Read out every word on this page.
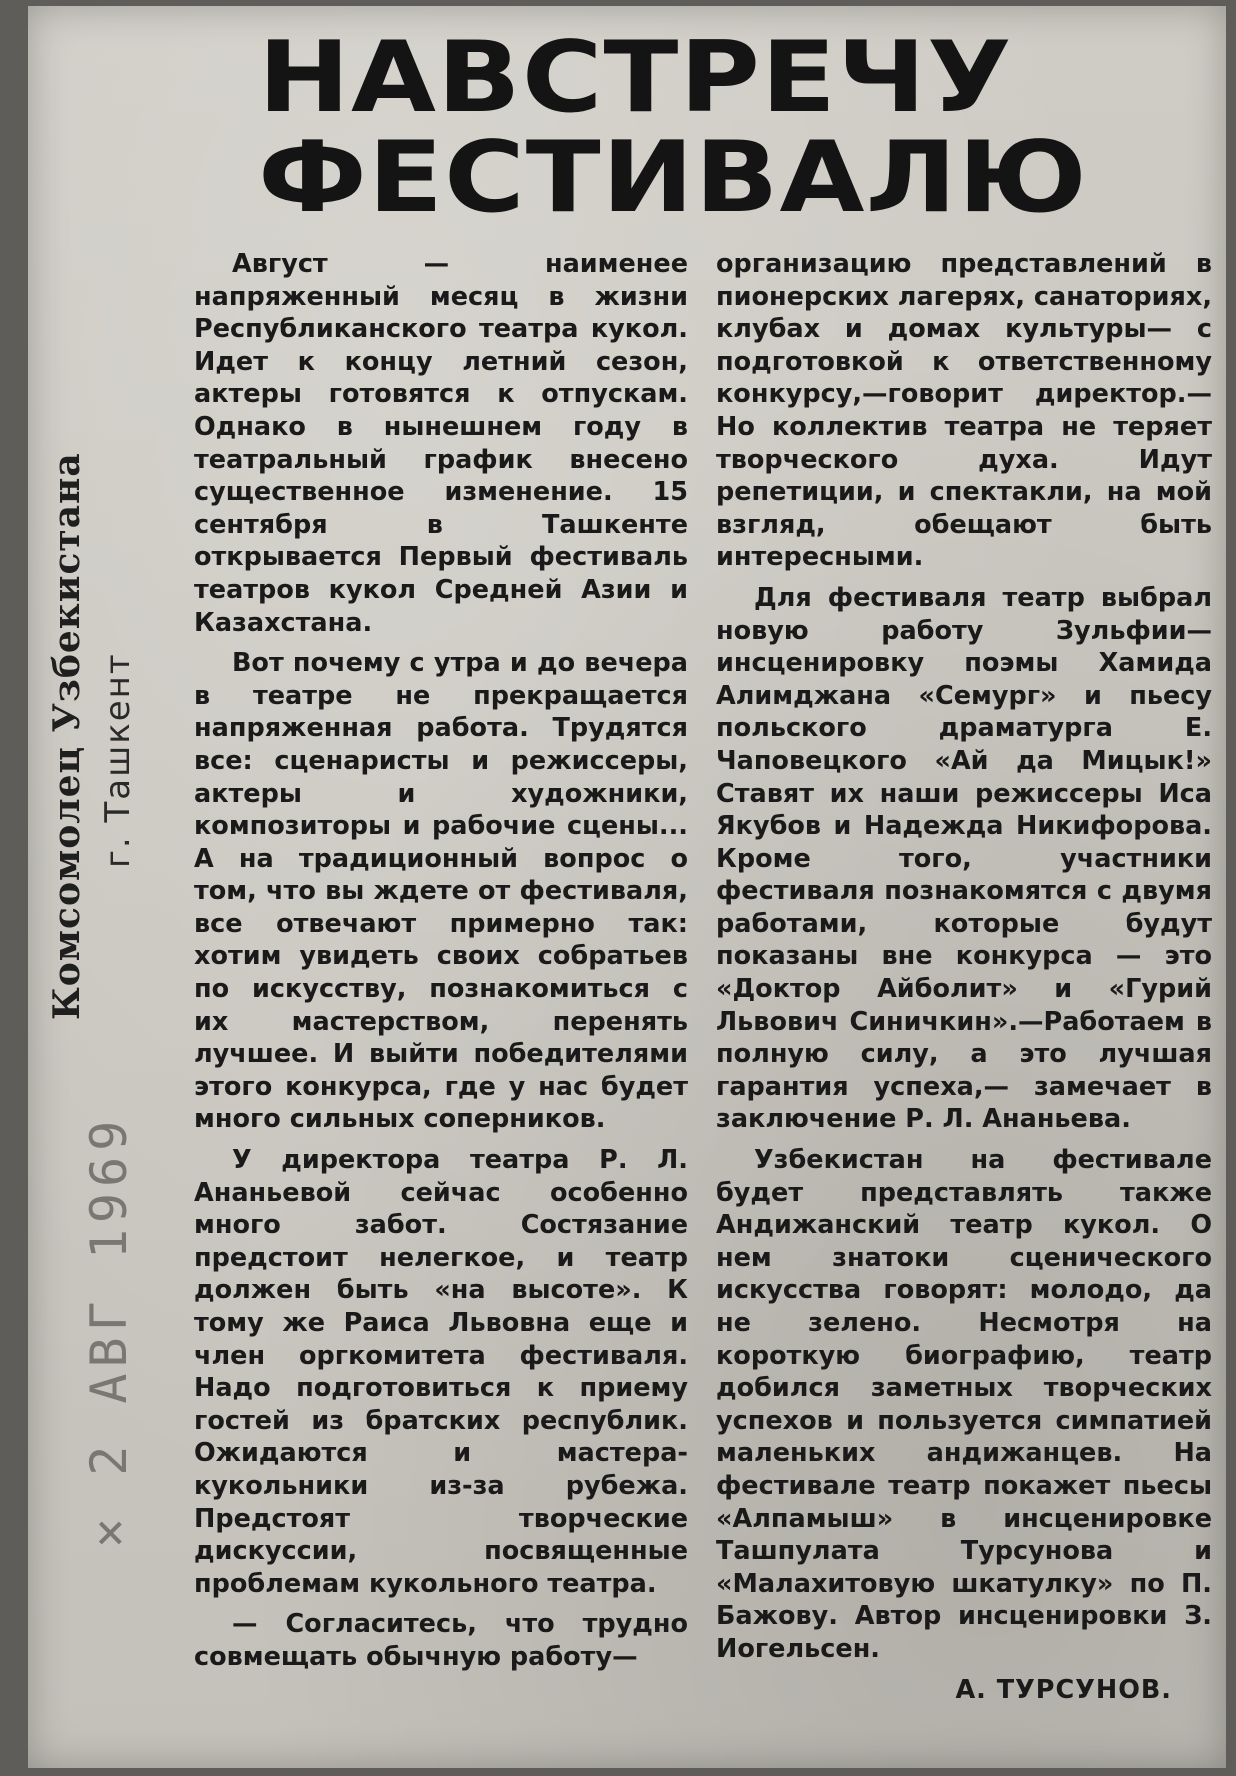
НАВСТРЕЧУ
ФЕСТИВАЛЮ
Комсомолец Узбекистана г. Ташкент
× 2 АВГ 1969

Август — наименее напряженный месяц в жизни Республиканского театра кукол. Идет к концу летний сезон, актеры готовятся к отпускам. Однако в нынешнем году в театральный график внесено существенное изменение. 15 сентября в Ташкенте открывается Первый фестиваль театров кукол Средней Азии и Казахстана.

Вот почему с утра и до вечера в театре не прекращается напряженная работа. Трудятся все: сценаристы и режиссеры, актеры и художники, композиторы и рабочие сцены... А на традиционный вопрос о том, что вы ждете от фестиваля, все отвечают примерно так: хотим увидеть своих собратьев по искусству, познакомиться с их мастерством, перенять лучшее. И выйти победителями этого конкурса, где у нас будет много сильных соперников.

У директора театра Р. Л. Ананьевой сейчас особенно много забот. Состязание предстоит нелегкое, и театр должен быть «на высоте». К тому же Раиса Львовна еще и член оргкомитета фестиваля. Надо подготовиться к приему гостей из братских республик. Ожидаются и мастера-кукольники из-за рубежа. Предстоят творческие дискуссии, посвященные проблемам кукольного театра.

— Согласитесь, что трудно совмещать обычную работу—

организацию представлений в пионерских лагерях, санаториях, клубах и домах культуры— с подготовкой к ответственному конкурсу,—говорит директор.— Но коллектив театра не теряет творческого духа. Идут репетиции, и спектакли, на мой взгляд, обещают быть интересными.

Для фестиваля театр выбрал новую работу Зульфии— инсценировку поэмы Хамида Алимджана «Семург» и пьесу польского драматурга Е. Чаповецкого «Ай да Мицык!» Ставят их наши режиссеры Иса Якубов и Надежда Никифорова. Кроме того, участники фестиваля познакомятся с двумя работами, которые будут показаны вне конкурса — это «Доктор Айболит» и «Гурий Львович Синичкин».—Работаем в полную силу, а это лучшая гарантия успеха,— замечает в заключение Р. Л. Ананьева.

Узбекистан на фестивале будет представлять также Андижанский театр кукол. О нем знатоки сценического искусства говорят: молодо, да не зелено. Несмотря на короткую биографию, театр добился заметных творческих успехов и пользуется симпатией маленьких андижанцев. На фестивале театр покажет пьесы «Алпамыш» в инсценировке Ташпулата Турсунова и «Малахитовую шкатулку» по П. Бажову. Автор инсценировки З. Иогельсен.

А. ТУРСУНОВ.
